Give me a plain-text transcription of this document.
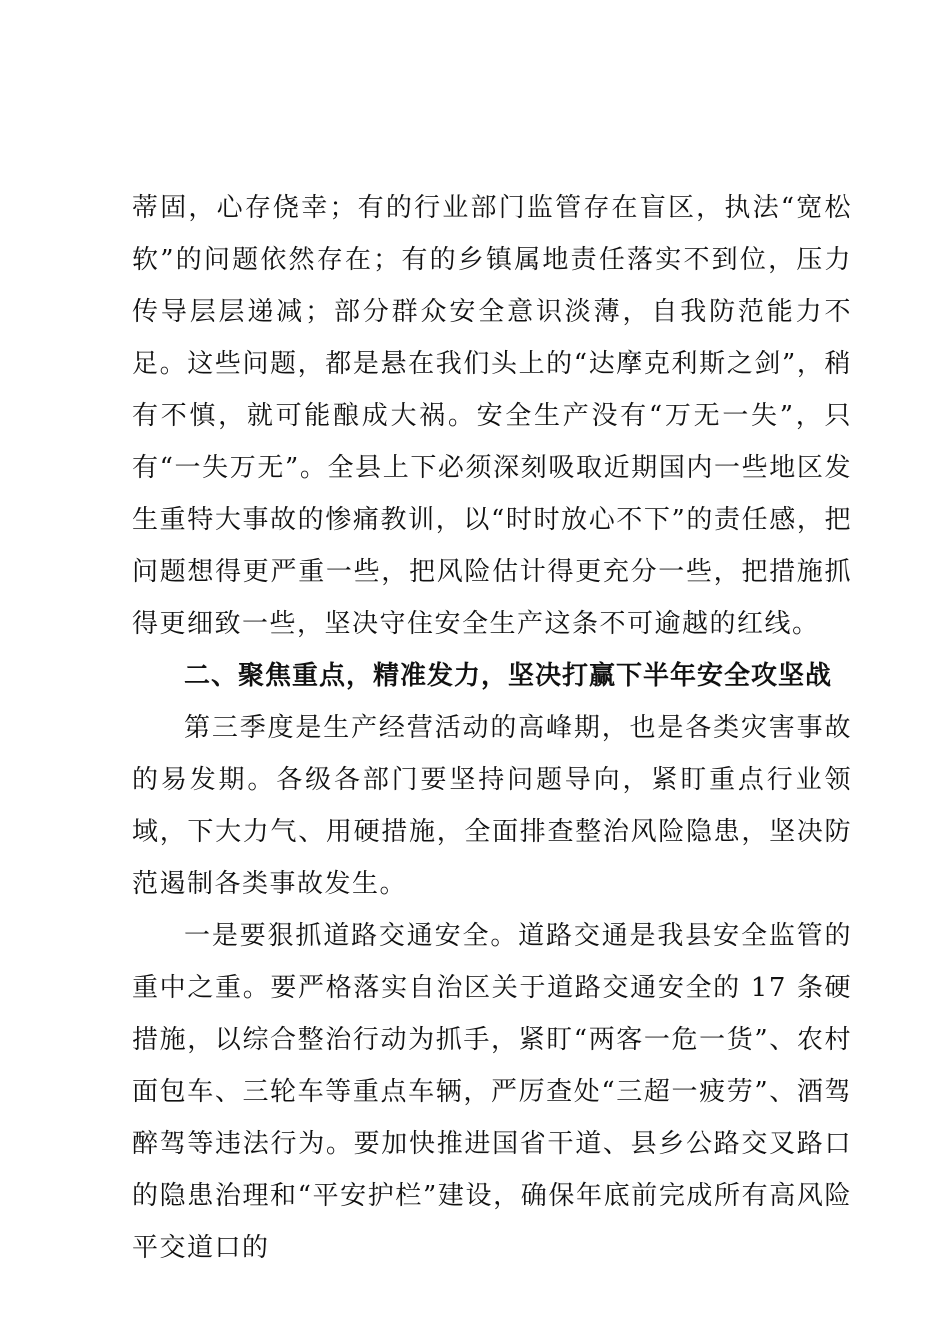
蒂固，心存侥幸；有的行业部门监管存在盲区，执法“宽松软”的问题依然存在；有的乡镇属地责任落实不到位，压力传导层层递减；部分群众安全意识淡薄，自我防范能力不足。这些问题，都是悬在我们头上的“达摩克利斯之剑”，稍有不慎，就可能酿成大祸。安全生产没有“万无一失”，只有“一失万无”。全县上下必须深刻吸取近期国内一些地区发生重特大事故的惨痛教训，以“时时放心不下”的责任感，把问题想得更严重一些，把风险估计得更充分一些，把措施抓得更细致一些，坚决守住安全生产这条不可逾越的红线。

二、聚焦重点，精准发力，坚决打赢下半年安全攻坚战

第三季度是生产经营活动的高峰期，也是各类灾害事故的易发期。各级各部门要坚持问题导向，紧盯重点行业领域，下大力气、用硬措施，全面排查整治风险隐患，坚决防范遏制各类事故发生。

一是要狠抓道路交通安全。道路交通是我县安全监管的重中之重。要严格落实自治区关于道路交通安全的 17 条硬措施，以综合整治行动为抓手，紧盯“两客一危一货”、农村面包车、三轮车等重点车辆，严厉查处“三超一疲劳”、酒驾醉驾等违法行为。要加快推进国省干道、县乡公路交叉路口的隐患治理和“平安护栏”建设，确保年底前完成所有高风险平交道口的
